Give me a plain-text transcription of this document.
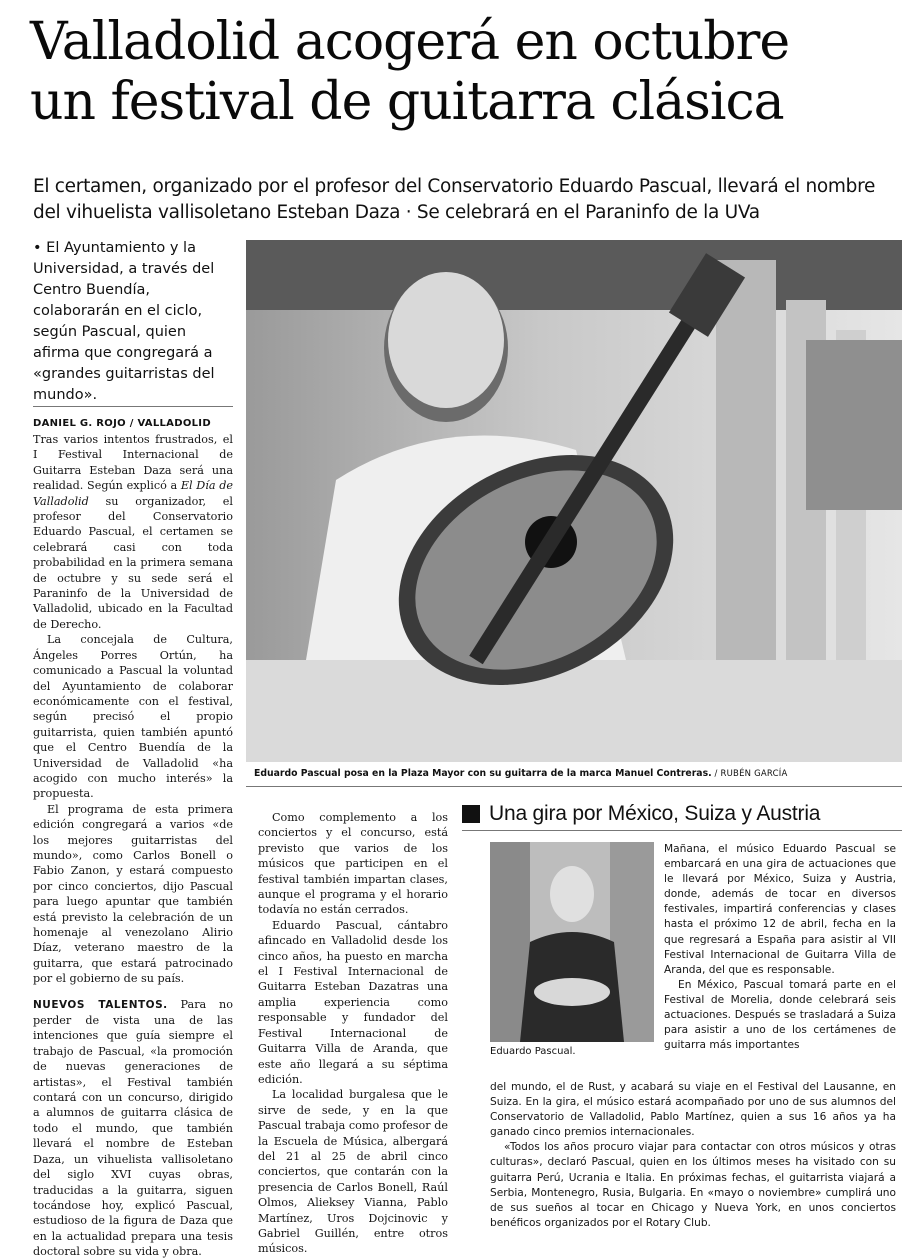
Valladolid acogerá en octubre
un festival de guitarra clásica
El certamen, organizado por el profesor del Conservatorio Eduardo Pascual, llevará el nombre del vihuelista vallisoletano Esteban Daza · Se celebrará en el Paraninfo de la UVa
• El Ayuntamiento y la Universidad, a través del Centro Buendía, colaborarán en el ciclo, según Pascual, quien afirma que congregará a «grandes guitarristas del mundo».
DANIEL G. ROJO / VALLADOLID

Tras varios intentos frustrados, el I Festival Internacional de Guitarra Esteban Daza será una realidad. Según explicó a El Día de Valladolid su organizador, el profesor del Conservatorio Eduardo Pascual, el certamen se celebrará casi con toda probabilidad en la primera semana de octubre y su sede será el Paraninfo de la Universidad de Valladolid, ubicado en la Facultad de Derecho.

La concejala de Cultura, Ángeles Porres Ortún, ha comunicado a Pascual la voluntad del Ayuntamiento de colaborar económicamente con el festival, según precisó el propio guitarrista, quien también apuntó que el Centro Buendía de la Universidad de Valladolid «ha acogido con mucho interés» la propuesta.

El programa de esta primera edición congregará a varios «de los mejores guitarristas del mundo», como Carlos Bonell o Fabio Zanon, y estará compuesto por cinco conciertos, dijo Pascual para luego apuntar que también está previsto la celebración de un homenaje al venezolano Alirio Díaz, veterano maestro de la guitarra, que estará patrocinado por el gobierno de su país.

NUEVOS TALENTOS. Para no perder de vista una de las intenciones que guía siempre el trabajo de Pascual, «la promoción de nuevas generaciones de artistas», el Festival también contará con un concurso, dirigido a alumnos de guitarra clásica de todo el mundo, que también llevará el nombre de Esteban Daza, un vihuelista vallisoletano del siglo XVI cuyas obras, traducidas a la guitarra, siguen tocándose hoy, explicó Pascual, estudioso de la figura de Daza que en la actualidad prepara una tesis doctoral sobre su vida y obra.

Eduardo Pascual posa en la Plaza Mayor con su guitarra de la marca Manuel Contreras. / RUBÉN GARCÍA

Como complemento a los conciertos y el concurso, está previsto que varios de los músicos que participen en el festival también impartan clases, aunque el programa y el horario todavía no están cerrados.

Eduardo Pascual, cántabro afincado en Valladolid desde los cinco años, ha puesto en marcha el I Festival Internacional de Guitarra Esteban Dazatras una amplia experiencia como responsable y fundador del Festival Internacional de Guitarra Villa de Aranda, que este año llegará a su séptima edición.

La localidad burgalesa que le sirve de sede, y en la que Pascual trabaja como profesor de la Escuela de Música, albergará del 21 al 25 de abril cinco conciertos, que contarán con la presencia de Carlos Bonell, Raúl Olmos, Alieksey Vianna, Pablo Martínez, Uros Dojcinovic y Gabriel Guillén, entre otros músicos.

Una gira por México, Suiza y Austria
Eduardo Pascual.

Mañana, el músico Eduardo Pascual se embarcará en una gira de actuaciones que le llevará por México, Suiza y Austria, donde, además de tocar en diversos festivales, impartirá conferencias y clases hasta el próximo 12 de abril, fecha en la que regresará a España para asistir al VII Festival Internacional de Guitarra Villa de Aranda, del que es responsable.

En México, Pascual tomará parte en el Festival de Morelia, donde celebrará seis actuaciones. Después se trasladará a Suiza para asistir a uno de los certámenes de guitarra más importantes

del mundo, el de Rust, y acabará su viaje en el Festival del Lausanne, en Suiza. En la gira, el músico estará acompañado por uno de sus alumnos del Conservatorio de Valladolid, Pablo Martínez, quien a sus 16 años ya ha ganado cinco premios internacionales.

«Todos los años procuro viajar para contactar con otros músicos y otras culturas», declaró Pascual, quien en los últimos meses ha visitado con su guitarra Perú, Ucrania e Italia. En próximas fechas, el guitarrista viajará a Serbia, Montenegro, Rusia, Bulgaria. En «mayo o noviembre» cumplirá uno de sus sueños al tocar en Chicago y Nueva York, en unos conciertos benéficos organizados por el Rotary Club.
